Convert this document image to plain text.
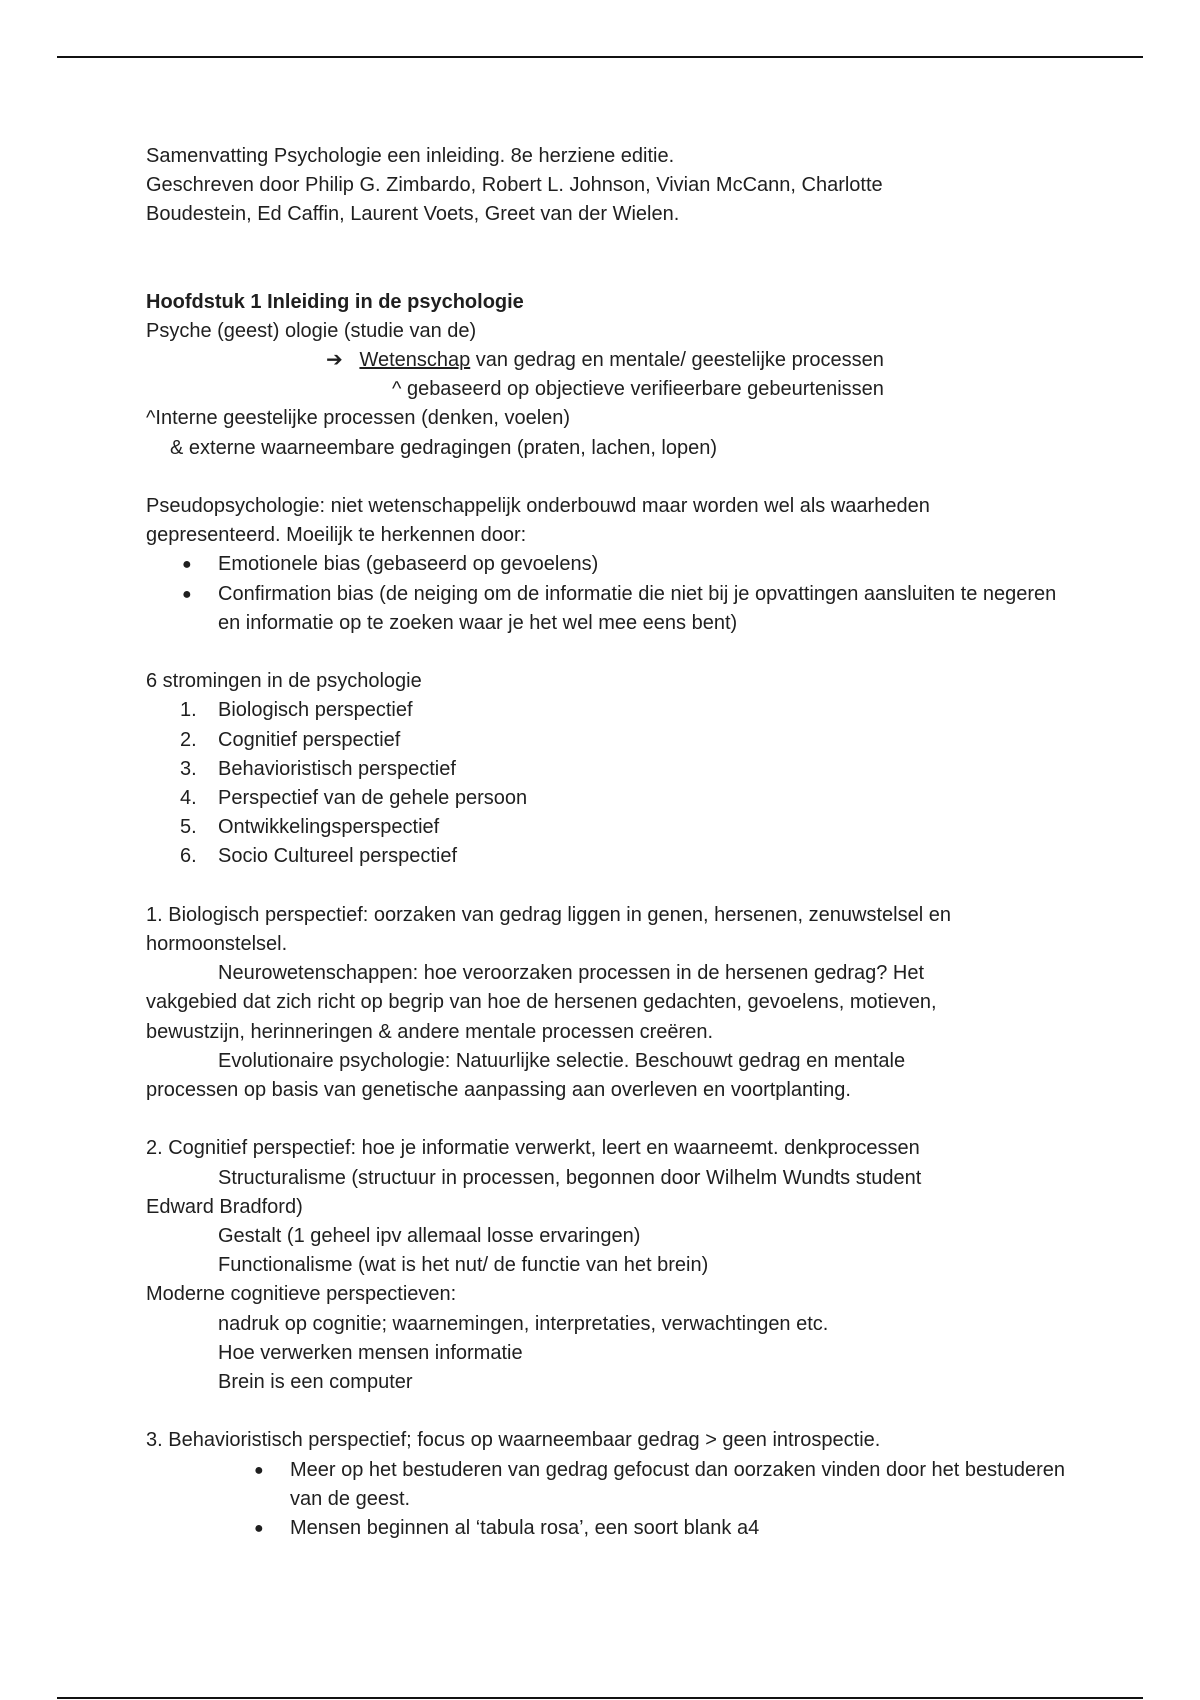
Samenvatting Psychologie een inleiding. 8e herziene editie.
Geschreven door Philip G. Zimbardo, Robert L. Johnson, Vivian McCann, Charlotte
Boudestein, Ed Caffin, Laurent Voets, Greet van der Wielen.
Hoofdstuk 1 Inleiding in de psychologie
Psyche (geest) ologie (studie van de)
➔ Wetenschap van gedrag en mentale/ geestelijke processen
^ gebaseerd op objectieve verifieerbare gebeurtenissen
^Interne geestelijke processen (denken, voelen)
& externe waarneembare gedragingen (praten, lachen, lopen)
Pseudopsychologie: niet wetenschappelijk onderbouwd maar worden wel als waarheden
gepresenteerd. Moeilijk te herkennen door:
● Emotionele bias (gebaseerd op gevoelens)
● Confirmation bias (de neiging om de informatie die niet bij je opvattingen aansluiten te negeren en informatie op te zoeken waar je het wel mee eens bent)
6 stromingen in de psychologie
1.	Biologisch perspectief
2.	Cognitief perspectief
3.	Behavioristisch perspectief
4.	Perspectief van de gehele persoon
5.	Ontwikkelingsperspectief
6.	Socio Cultureel perspectief
1. Biologisch perspectief: oorzaken van gedrag liggen in genen, hersenen, zenuwstelsel en
hormoonstelsel.
Neurowetenschappen: hoe veroorzaken processen in de hersenen gedrag? Het
vakgebied dat zich richt op begrip van hoe de hersenen gedachten, gevoelens, motieven,
bewustzijn, herinneringen & andere mentale processen creëren.
Evolutionaire psychologie: Natuurlijke selectie. Beschouwt gedrag en mentale
processen op basis van genetische aanpassing aan overleven en voortplanting.
2. Cognitief perspectief: hoe je informatie verwerkt, leert en waarneemt. denkprocessen
Structuralisme (structuur in processen, begonnen door Wilhelm Wundts student
Edward Bradford)
Gestalt (1 geheel ipv allemaal losse ervaringen)
Functionalisme (wat is het nut/ de functie van het brein)
Moderne cognitieve perspectieven:
nadruk op cognitie; waarnemingen, interpretaties, verwachtingen etc.
Hoe verwerken mensen informatie
Brein is een computer
3. Behavioristisch perspectief; focus op waarneembaar gedrag > geen introspectie.
● Meer op het bestuderen van gedrag gefocust dan oorzaken vinden door het bestuderen van de geest.
● Mensen beginnen al ‘tabula rosa’, een soort blank a4
